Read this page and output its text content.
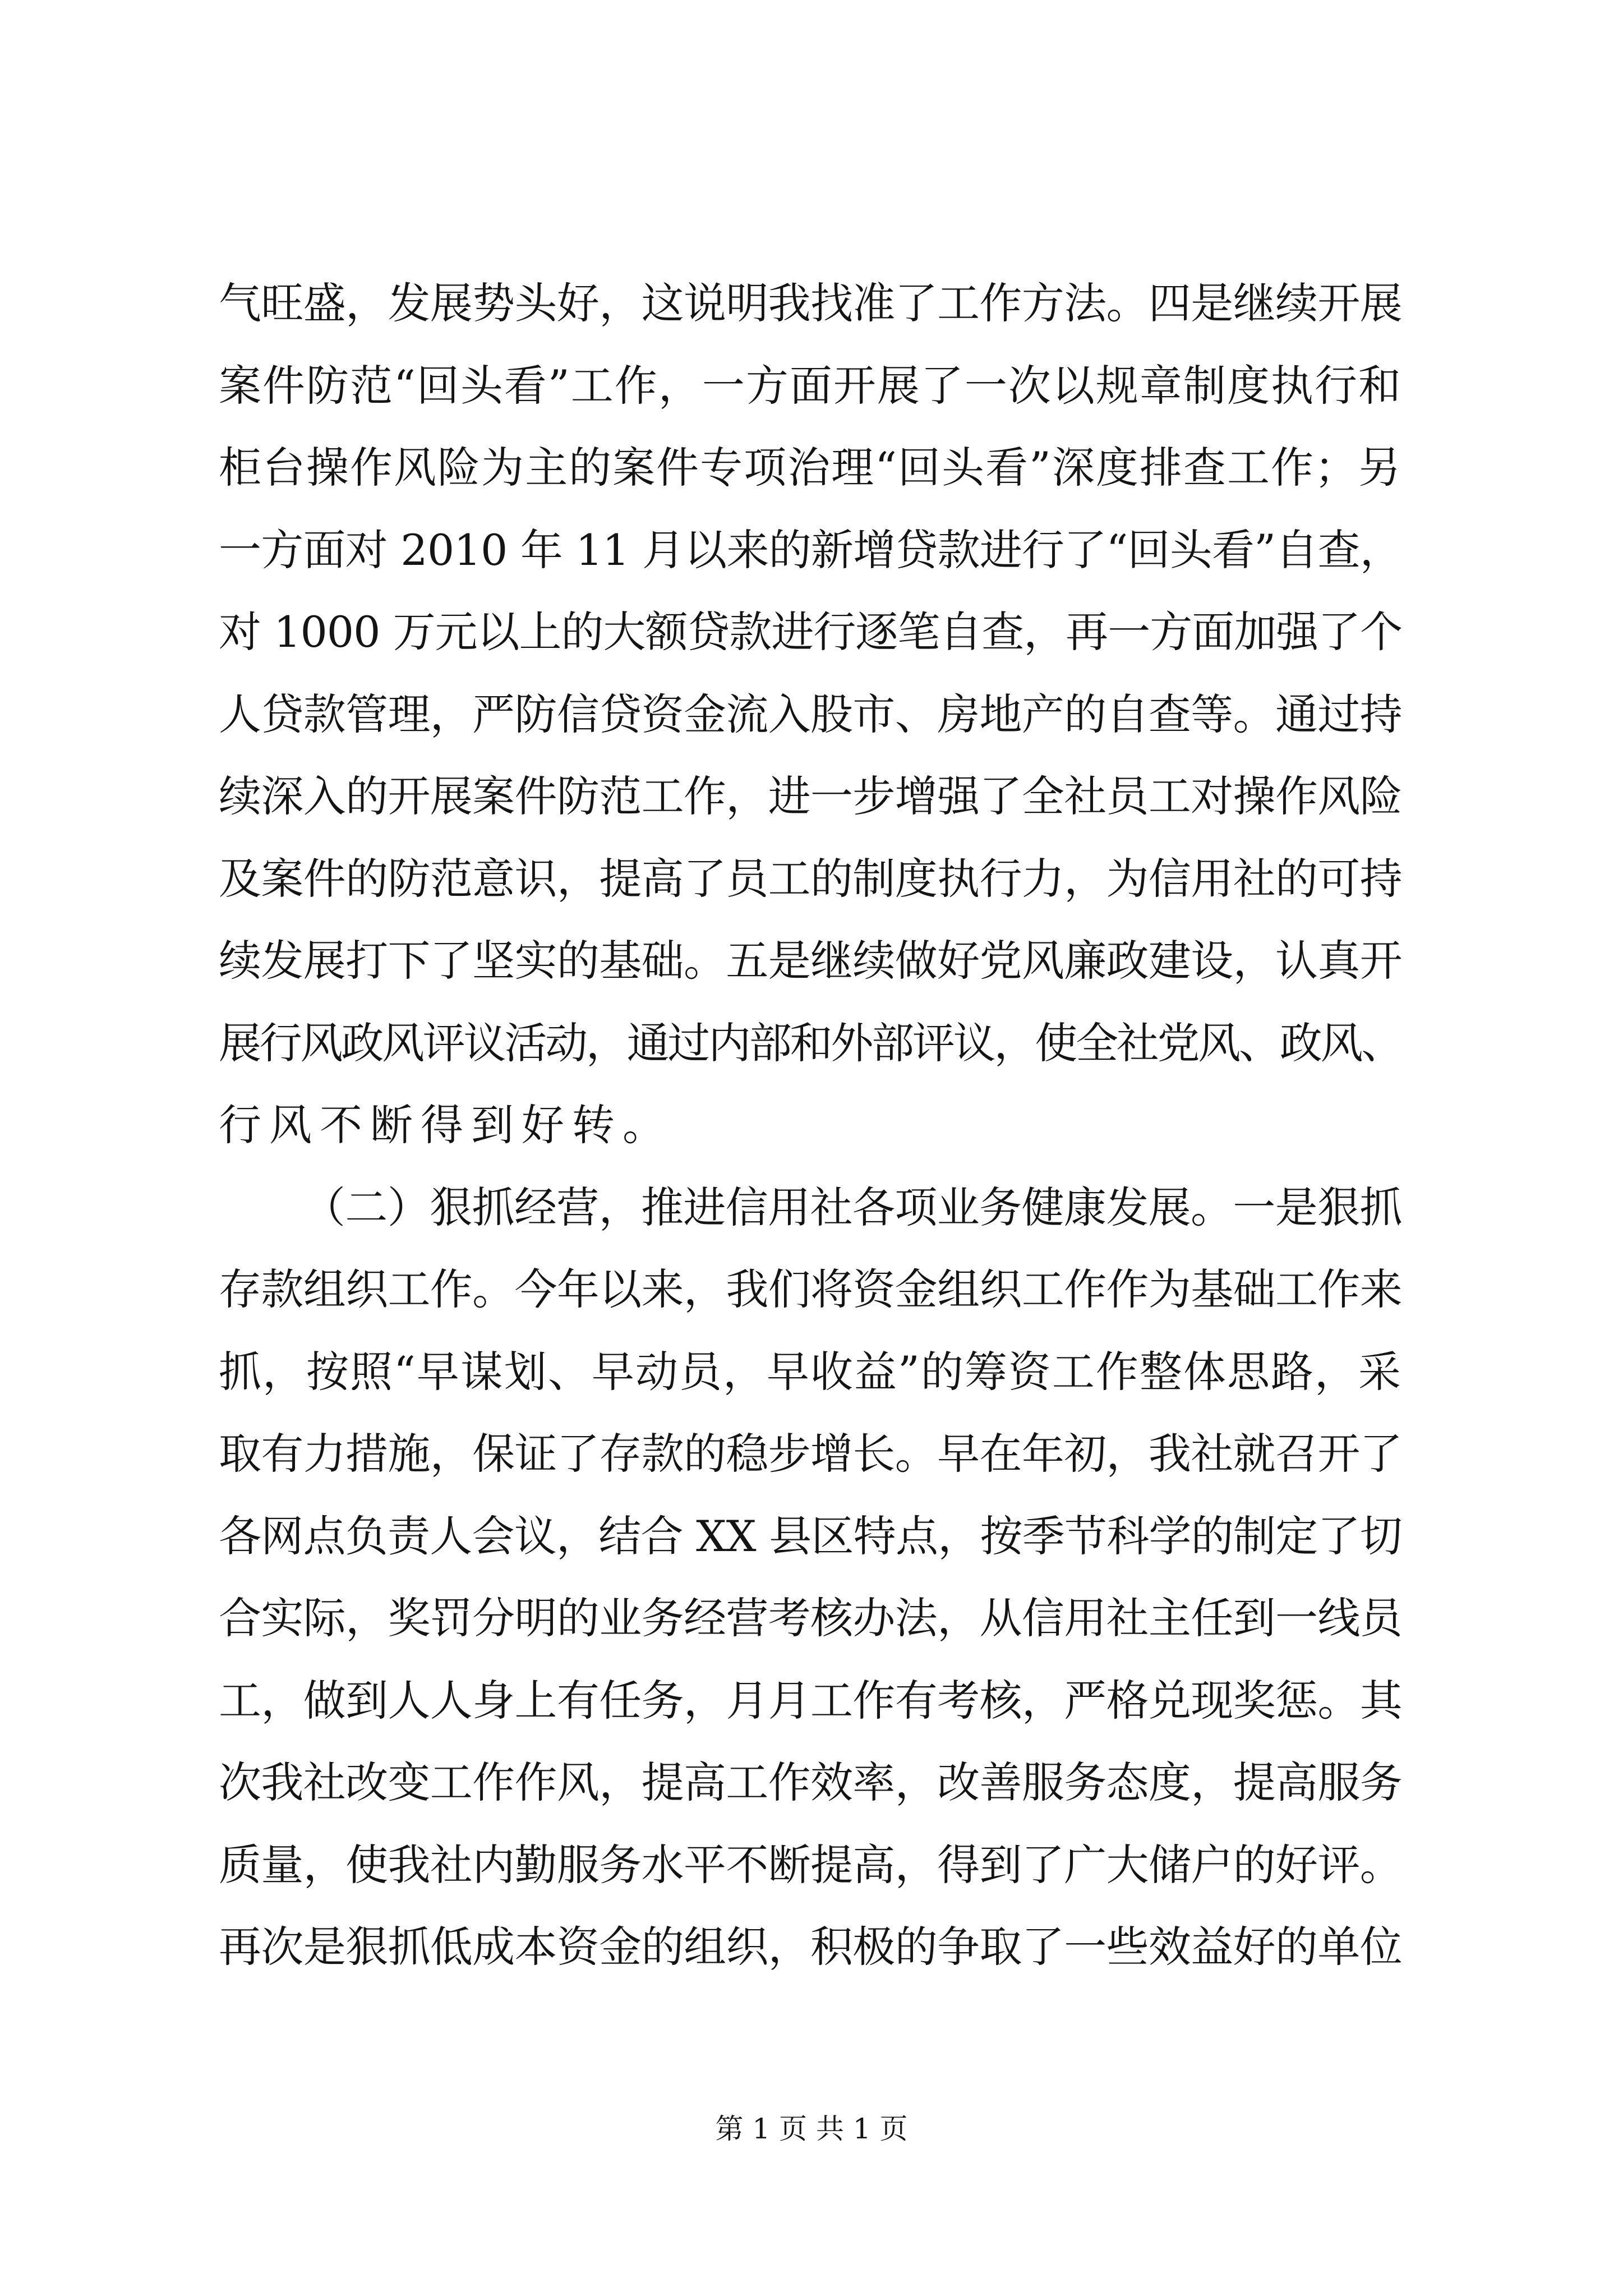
气旺盛，发展势头好，这说明我找准了工作方法。四是继续开展
案件防范“回头看”工作，一方面开展了一次以规章制度执行和
柜台操作风险为主的案件专项治理“回头看”深度排查工作；另
一方面对 2010 年 11 月以来的新增贷款进行了“回头看”自查，
对 1000 万元以上的大额贷款进行逐笔自查，再一方面加强了个
人贷款管理，严防信贷资金流入股市、房地产的自查等。通过持
续深入的开展案件防范工作，进一步增强了全社员工对操作风险
及案件的防范意识，提高了员工的制度执行力，为信用社的可持
续发展打下了坚实的基础。五是继续做好党风廉政建设，认真开
展行风政风评议活动，通过内部和外部评议，使全社党风、政风、
行风不断得到好转。
（二）狠抓经营，推进信用社各项业务健康发展。一是狠抓
存款组织工作。今年以来，我们将资金组织工作作为基础工作来
抓，按照“早谋划、早动员，早收益”的筹资工作整体思路，采
取有力措施，保证了存款的稳步增长。早在年初，我社就召开了
各网点负责人会议，结合 XX 县区特点，按季节科学的制定了切
合实际，奖罚分明的业务经营考核办法，从信用社主任到一线员
工，做到人人身上有任务，月月工作有考核，严格兑现奖惩。其
次我社改变工作作风，提高工作效率，改善服务态度，提高服务
质量，使我社内勤服务水平不断提高，得到了广大储户的好评。
再次是狠抓低成本资金的组织，积极的争取了一些效益好的单位
第 1 页 共 1 页
